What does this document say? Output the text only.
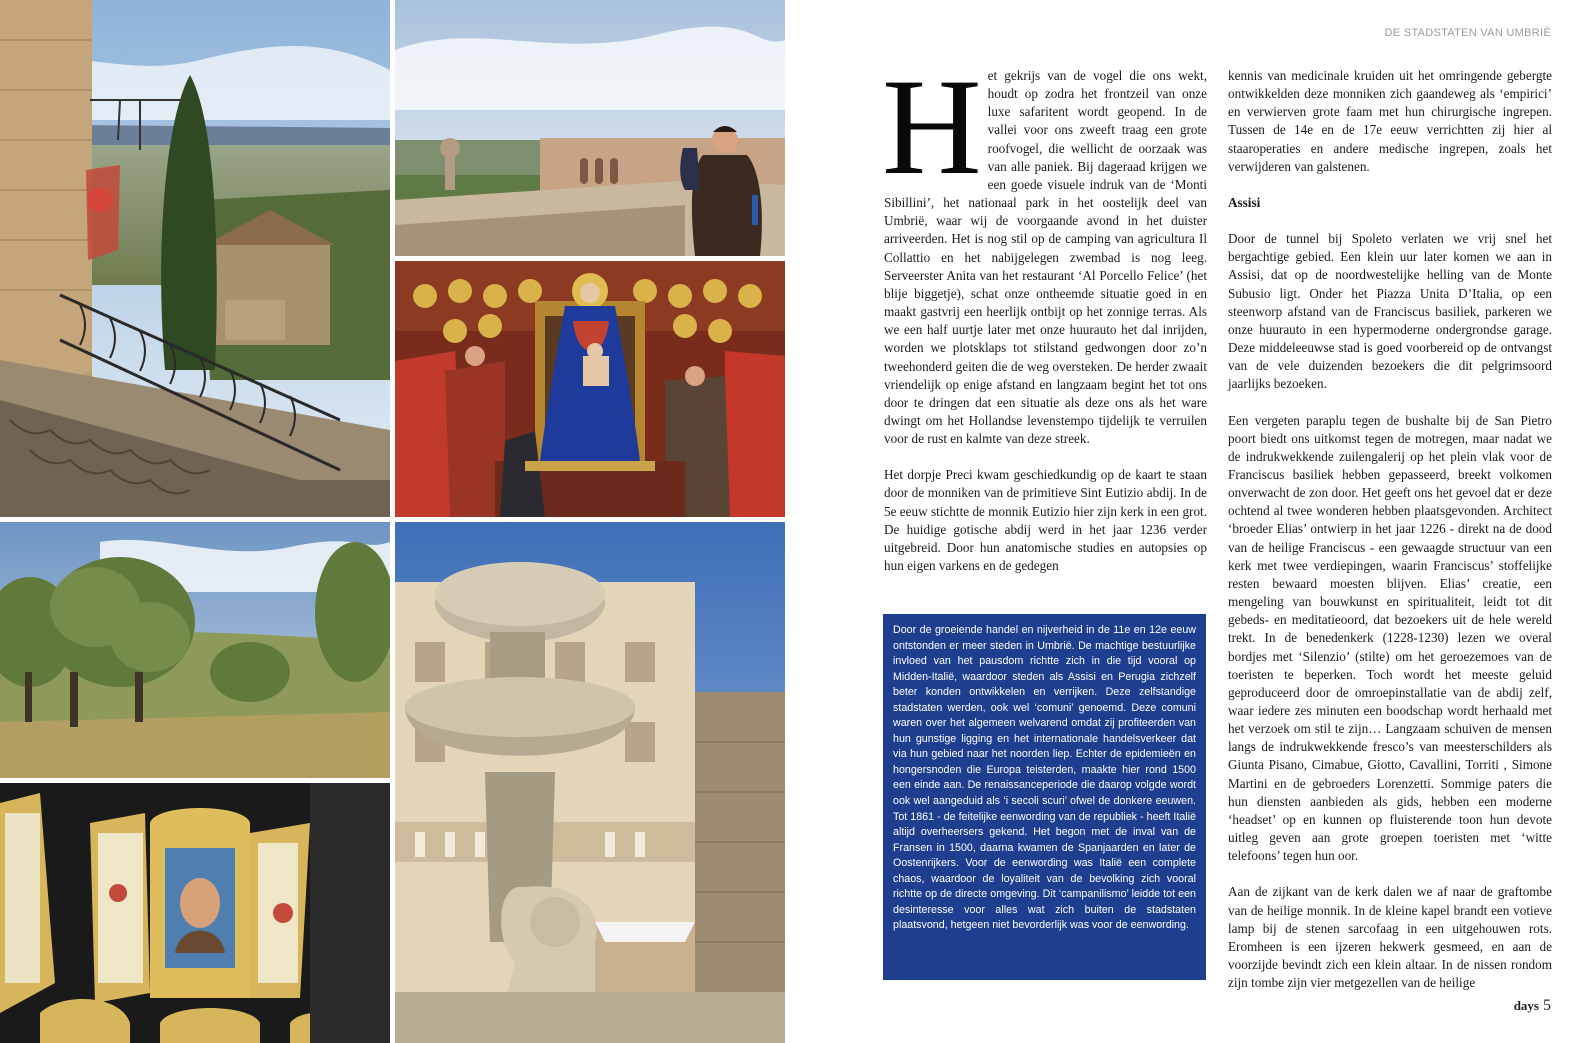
DE STADSTATEN VAN UMBRIË

Het gekrijs van de vogel die ons wekt, houdt op zodra het frontzeil van onze luxe safaritent wordt geopend. In de vallei voor ons zweeft traag een grote roofvogel, die wellicht de oorzaak was van alle paniek. Bij dageraad krijgen we een goede visuele indruk van de ‘Monti Sibillini’, het nationaal park in het oostelijk deel van Umbrië, waar wij de voorgaande avond in het duister arriveerden. Het is nog stil op de camping van agricultura Il Collattio en het nabijgelegen zwembad is nog leeg. Serveerster Anita van het restaurant ‘Al Porcello Felice’ (het blije biggetje), schat onze ontheemde situatie goed in en maakt gastvrij een heerlijk ontbijt op het zonnige terras. Als we een half uurtje later met onze huurauto het dal inrijden, worden we plotsklaps tot stilstand gedwongen door zo’n tweehonderd geiten die de weg oversteken. De herder zwaait vriendelijk op enige afstand en langzaam begint het tot ons door te dringen dat een situatie als deze ons als het ware dwingt om het Hollandse levenstempo tijdelijk te verruilen voor de rust en kalmte van deze streek.

Het dorpje Preci kwam geschiedkundig op de kaart te staan door de monniken van de primitieve Sint Eutizio abdij. In de 5e eeuw stichtte de monnik Eutizio hier zijn kerk in een grot. De huidige gotische abdij werd in het jaar 1236 verder uitgebreid. Door hun anatomische studies en autopsies op hun eigen varkens en de gedegen

Door de groeiende handel en nijverheid in de 11e en 12e eeuw ontstonden er meer steden in Umbrië. De machtige bestuurlijke invloed van het pausdom richtte zich in die tijd vooral op Midden-Italië, waardoor steden als Assisi en Perugia zichzelf beter konden ontwikkelen en verrijken. Deze zelfstandige stadstaten werden, ook wel ‘comuni’ genoemd. Deze comuni waren over het algemeen welvarend omdat zij profiteerden van hun gunstige ligging en het internationale handelsverkeer dat via hun gebied naar het noorden liep. Echter de epidemieën en hongersnoden die Europa teisterden, maakte hier rond 1500 een einde aan. De renaissanceperiode die daarop volgde wordt ook wel aangeduid als ‘i secoli scuri’ ofwel de donkere eeuwen. Tot 1861 - de feitelijke eenwording van de republiek - heeft Italië altijd overheersers gekend. Het begon met de inval van de Fransen in 1500, daarna kwamen de Spanjaarden en later de Oostenrijkers. Voor de eenwording was Italië een complete chaos, waardoor de loyaliteit van de bevolking zich vooral richtte op de directe omgeving. Dit ‘campanilismo’ leidde tot een desinteresse voor alles wat zich buiten de stadstaten plaatsvond, hetgeen niet bevorderlijk was voor de eenwording.

kennis van medicinale kruiden uit het omringende gebergte ontwikkelden deze monniken zich gaandeweg als ‘empirici’ en verwierven grote faam met hun chirurgische ingrepen. Tussen de 14e en de 17e eeuw verrichtten zij hier al staaroperaties en andere medische ingrepen, zoals het verwijderen van galstenen.

Assisi

Door de tunnel bij Spoleto verlaten we vrij snel het bergachtige gebied. Een klein uur later komen we aan in Assisi, dat op de noordwestelijke helling van de Monte Subusio ligt. Onder het Piazza Unita D’Italia, op een steenworp afstand van de Franciscus basiliek, parkeren we onze huurauto in een hypermoderne ondergrondse garage. Deze middeleeuwse stad is goed voorbereid op de ontvangst van de vele duizenden bezoekers die dit pelgrimsoord jaarlijks bezoeken.

Een vergeten paraplu tegen de bushalte bij de San Pietro poort biedt ons uitkomst tegen de motregen, maar nadat we de indrukwekkende zuilengalerij op het plein vlak voor de Franciscus basiliek hebben gepasseerd, breekt volkomen onverwacht de zon door. Het geeft ons het gevoel dat er deze ochtend al twee wonderen hebben plaatsgevonden. Architect ‘broeder Elias’ ontwierp in het jaar 1226 - direkt na de dood van de heilige Franciscus - een gewaagde structuur van een kerk met twee verdiepingen, waarin Franciscus’ stoffelijke resten bewaard moesten blijven. Elias’ creatie, een mengeling van bouwkunst en spiritualiteit, leidt tot dit gebeds- en meditatieoord, dat bezoekers uit de hele wereld trekt. In de benedenkerk (1228-1230) lezen we overal bordjes met ‘Silenzio’ (stilte) om het geroezemoes van de toeristen te beperken. Toch wordt het meeste geluid geproduceerd door de omroepinstallatie van de abdij zelf, waar iedere zes minuten een boodschap wordt herhaald met het verzoek om stil te zijn… Langzaam schuiven de mensen langs de indrukwekkende fresco’s van meesterschilders als Giunta Pisano, Cimabue, Giotto, Cavallini, Torriti , Simone Martini en de gebroeders Lorenzetti. Sommige paters die hun diensten aanbieden als gids, hebben een moderne ‘headset’ op en kunnen op fluisterende toon hun devote uitleg geven aan grote groepen toeristen met ‘witte telefoons’ tegen hun oor.

Aan de zijkant van de kerk dalen we af naar de graftombe van de heilige monnik. In de kleine kapel brandt een votieve lamp bij de stenen sarcofaag in een uitgehouwen rots. Eromheen is een ijzeren hekwerk gesmeed, en aan de voorzijde bevindt zich een klein altaar. In de nissen rondom zijn tombe zijn vier metgezellen van de heilige

days 5
